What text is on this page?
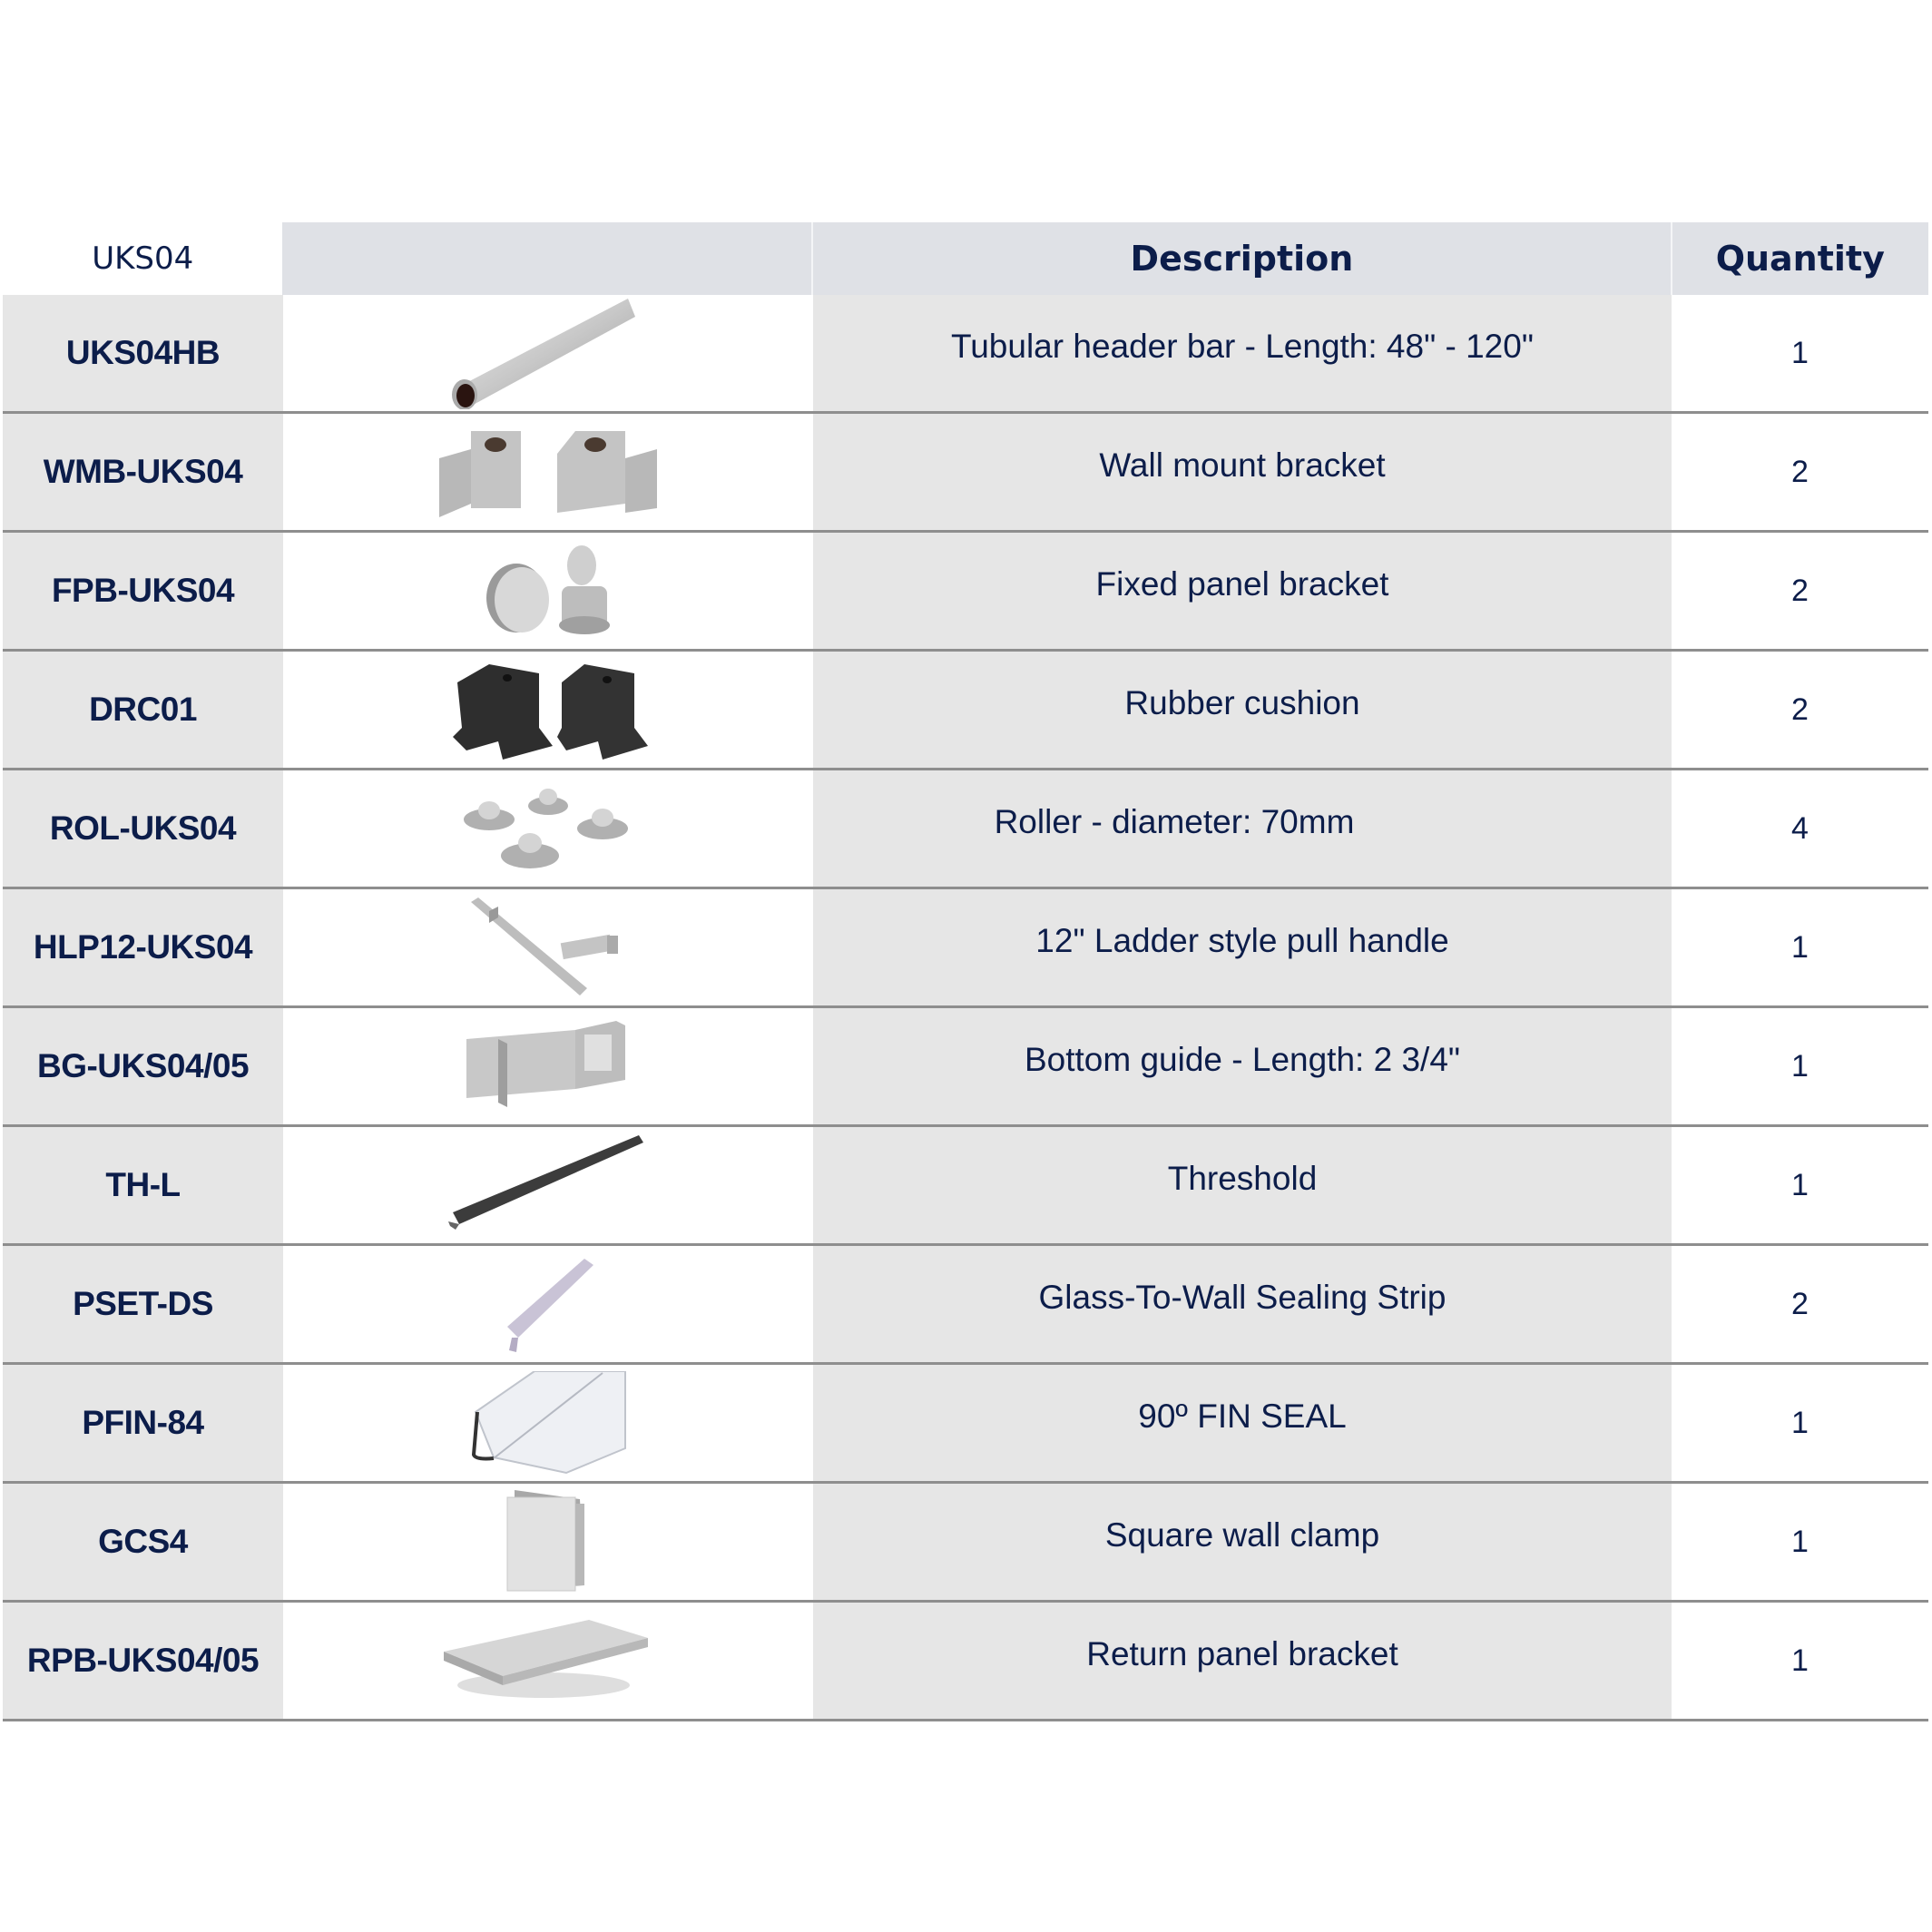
UKS04	Description	Quantity
UKS04HB	Tubular header bar - Length: 48" - 120"	1
WMB-UKS04	Wall mount bracket	2
FPB-UKS04	Fixed panel bracket	2
DRC01	Rubber cushion	2
ROL-UKS04	Roller - diameter: 70mm	4
HLP12-UKS04	12" Ladder style pull handle	1
BG-UKS04/05	Bottom guide - Length: 2 3/4"	1
TH-L	Threshold	1
PSET-DS	Glass-To-Wall Sealing Strip	2
PFIN-84	90º FIN SEAL	1
GCS4	Square wall clamp	1
RPB-UKS04/05	Return panel bracket	1
